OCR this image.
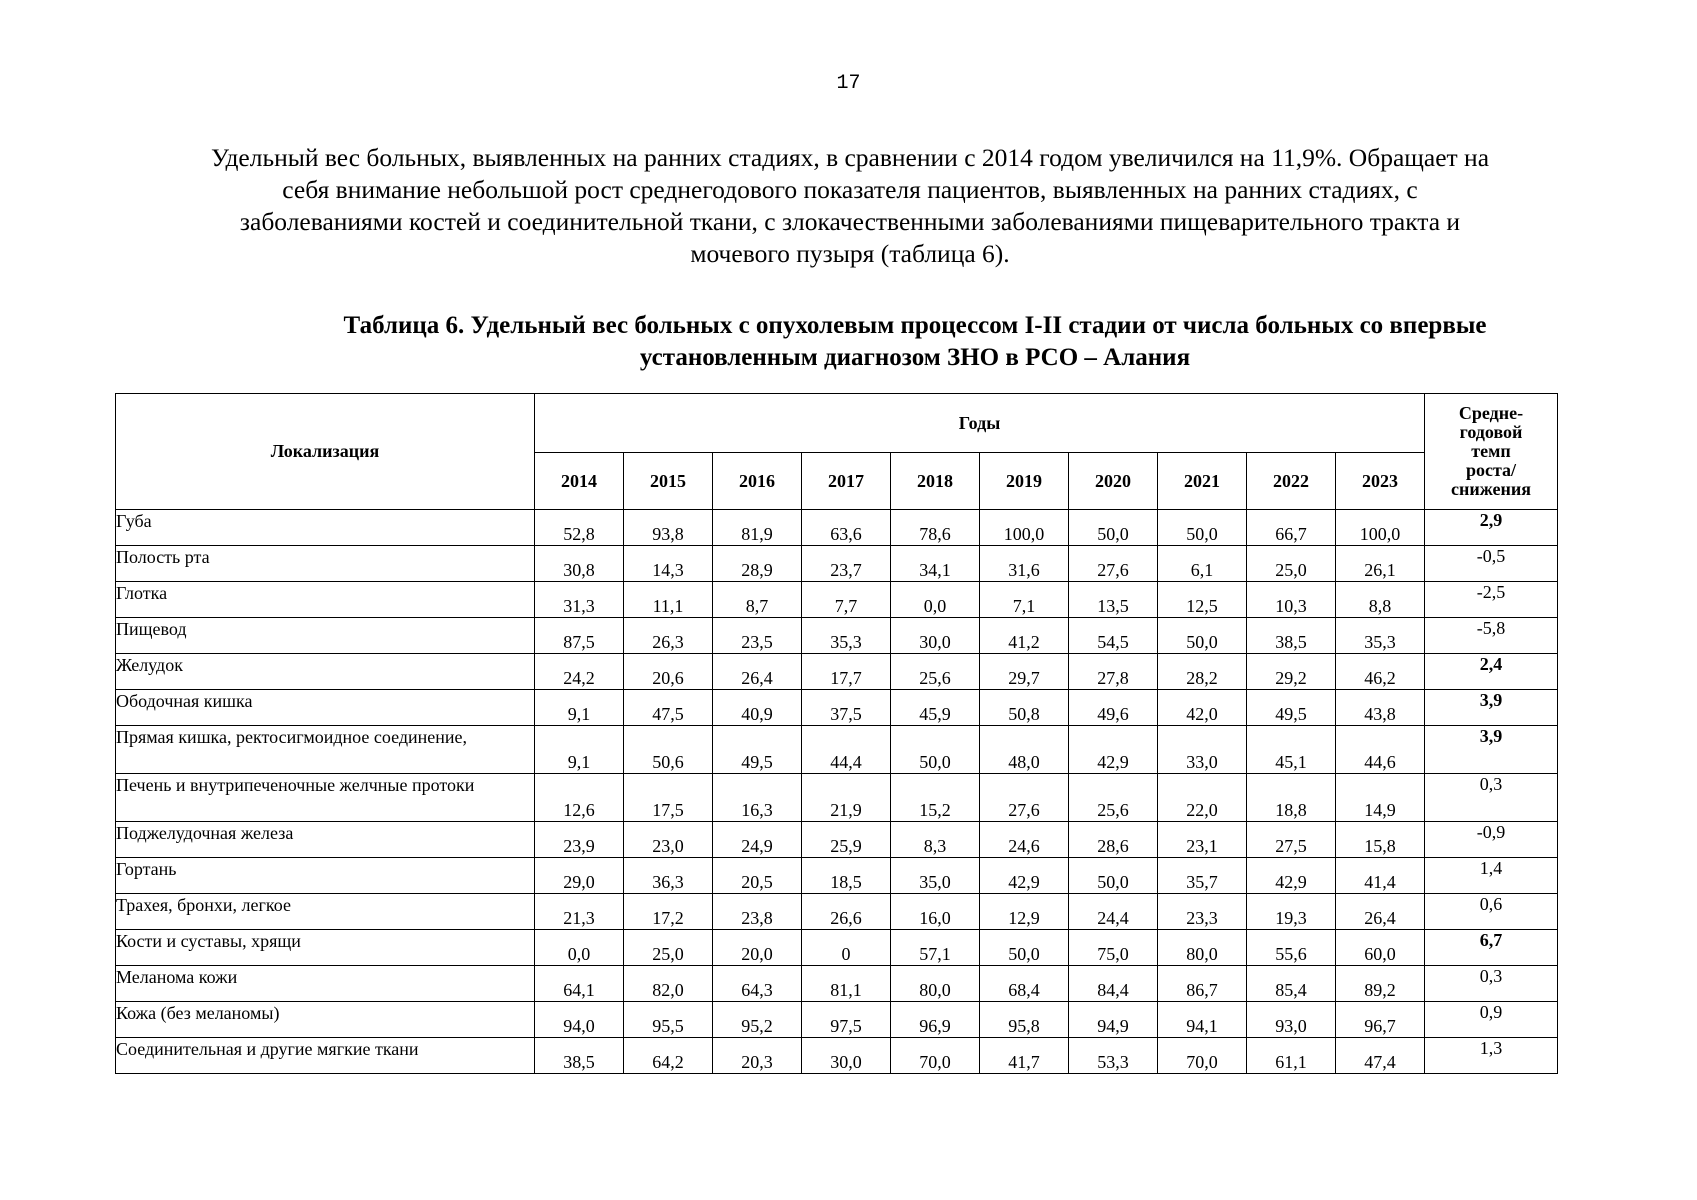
17

Удельный вес больных, выявленных на ранних стадиях, в сравнении с 2014 годом увеличился на 11,9%. Обращает на

себя внимание небольшой рост среднегодового показателя пациентов, выявленных на ранних стадиях, с

заболеваниями костей и соединительной ткани, с злокачественными заболеваниями пищеварительного тракта и

мочевого пузыря (таблица 6).

Таблица 6. Удельный вес больных с опухолевым процессом I-II стадии от числа больных со впервые

установленным диагнозом ЗНО в РСО – Алания

Локализация	Годы										Средне-
годовой
темп
роста/
снижения
	2014	2015	2016	2017	2018	2019	2020	2021	2022	2023	
Губа	52,8	93,8	81,9	63,6	78,6	100,0	50,0	50,0	66,7	100,0	2,9
Полость рта	30,8	14,3	28,9	23,7	34,1	31,6	27,6	6,1	25,0	26,1	-0,5
Глотка	31,3	11,1	8,7	7,7	0,0	7,1	13,5	12,5	10,3	8,8	-2,5
Пищевод	87,5	26,3	23,5	35,3	30,0	41,2	54,5	50,0	38,5	35,3	-5,8
Желудок	24,2	20,6	26,4	17,7	25,6	29,7	27,8	28,2	29,2	46,2	2,4
Ободочная кишка	9,1	47,5	40,9	37,5	45,9	50,8	49,6	42,0	49,5	43,8	3,9
Прямая кишка, ректосигмоидное соединение,	9,1	50,6	49,5	44,4	50,0	48,0	42,9	33,0	45,1	44,6	3,9
Печень и внутрипеченочные желчные протоки	12,6	17,5	16,3	21,9	15,2	27,6	25,6	22,0	18,8	14,9	0,3
Поджелудочная железа	23,9	23,0	24,9	25,9	8,3	24,6	28,6	23,1	27,5	15,8	-0,9
Гортань	29,0	36,3	20,5	18,5	35,0	42,9	50,0	35,7	42,9	41,4	1,4
Трахея, бронхи, легкое	21,3	17,2	23,8	26,6	16,0	12,9	24,4	23,3	19,3	26,4	0,6
Кости и суставы, хрящи	0,0	25,0	20,0	0	57,1	50,0	75,0	80,0	55,6	60,0	6,7
Меланома кожи	64,1	82,0	64,3	81,1	80,0	68,4	84,4	86,7	85,4	89,2	0,3
Кожа (без меланомы)	94,0	95,5	95,2	97,5	96,9	95,8	94,9	94,1	93,0	96,7	0,9
Соединительная и другие мягкие ткани	38,5	64,2	20,3	30,0	70,0	41,7	53,3	70,0	61,1	47,4	1,3
